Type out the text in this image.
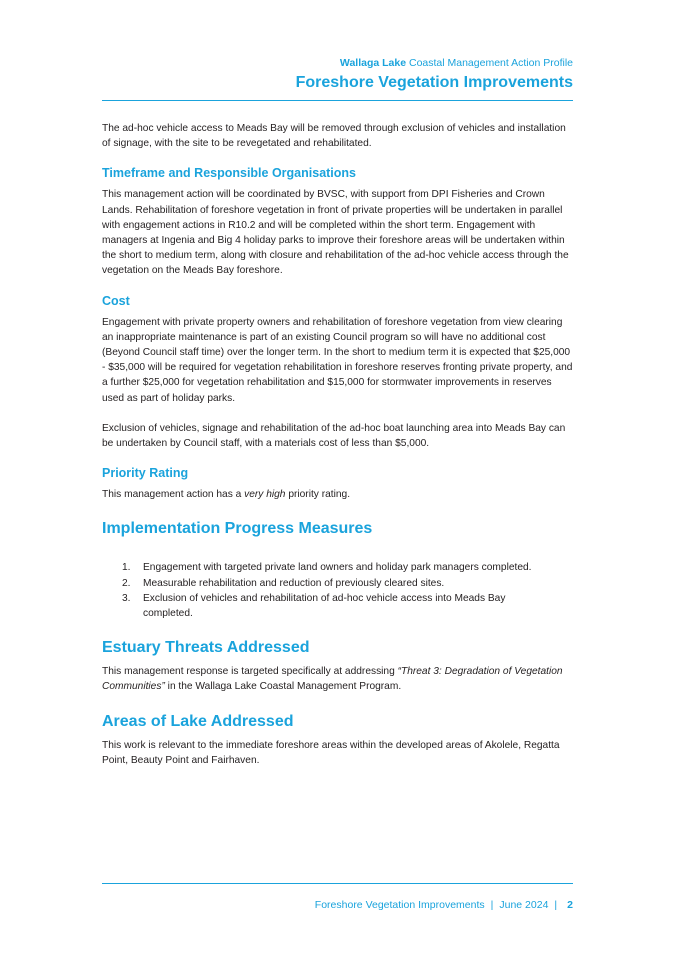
Wallaga Lake Coastal Management Action Profile
Foreshore Vegetation Improvements

The ad-hoc vehicle access to Meads Bay will be removed through exclusion of vehicles and installation of signage, with the site to be revegetated and rehabilitated.

Timeframe and Responsible Organisations

This management action will be coordinated by BVSC, with support from DPI Fisheries and Crown Lands. Rehabilitation of foreshore vegetation in front of private properties will be undertaken in parallel with engagement actions in R10.2 and will be completed within the short term. Engagement with managers at Ingenia and Big 4 holiday parks to improve their foreshore areas will be undertaken within the short to medium term, along with closure and rehabilitation of the ad-hoc vehicle access through the vegetation on the Meads Bay foreshore.

Cost

Engagement with private property owners and rehabilitation of foreshore vegetation from view clearing an inappropriate maintenance is part of an existing Council program so will have no additional cost (Beyond Council staff time) over the longer term. In the short to medium term it is expected that $25,000 - $35,000 will be required for vegetation rehabilitation in foreshore reserves fronting private property, and a further $25,000 for vegetation rehabilitation and $15,000 for stormwater improvements in reserves used as part of holiday parks.

Exclusion of vehicles, signage and rehabilitation of the ad-hoc boat launching area into Meads Bay can be undertaken by Council staff, with a materials cost of less than $5,000.

Priority Rating

This management action has a very high priority rating.

Implementation Progress Measures
1. Engagement with targeted private land owners and holiday park managers completed.
2. Measurable rehabilitation and reduction of previously cleared sites.
3. Exclusion of vehicles and rehabilitation of ad-hoc vehicle access into Meads Bay completed.
Estuary Threats Addressed

This management response is targeted specifically at addressing “Threat 3: Degradation of Vegetation Communities” in the Wallaga Lake Coastal Management Program.

Areas of Lake Addressed

This work is relevant to the immediate foreshore areas within the developed areas of Akolele, Regatta Point, Beauty Point and Fairhaven.

Foreshore Vegetation Improvements | June 2024 | 2
